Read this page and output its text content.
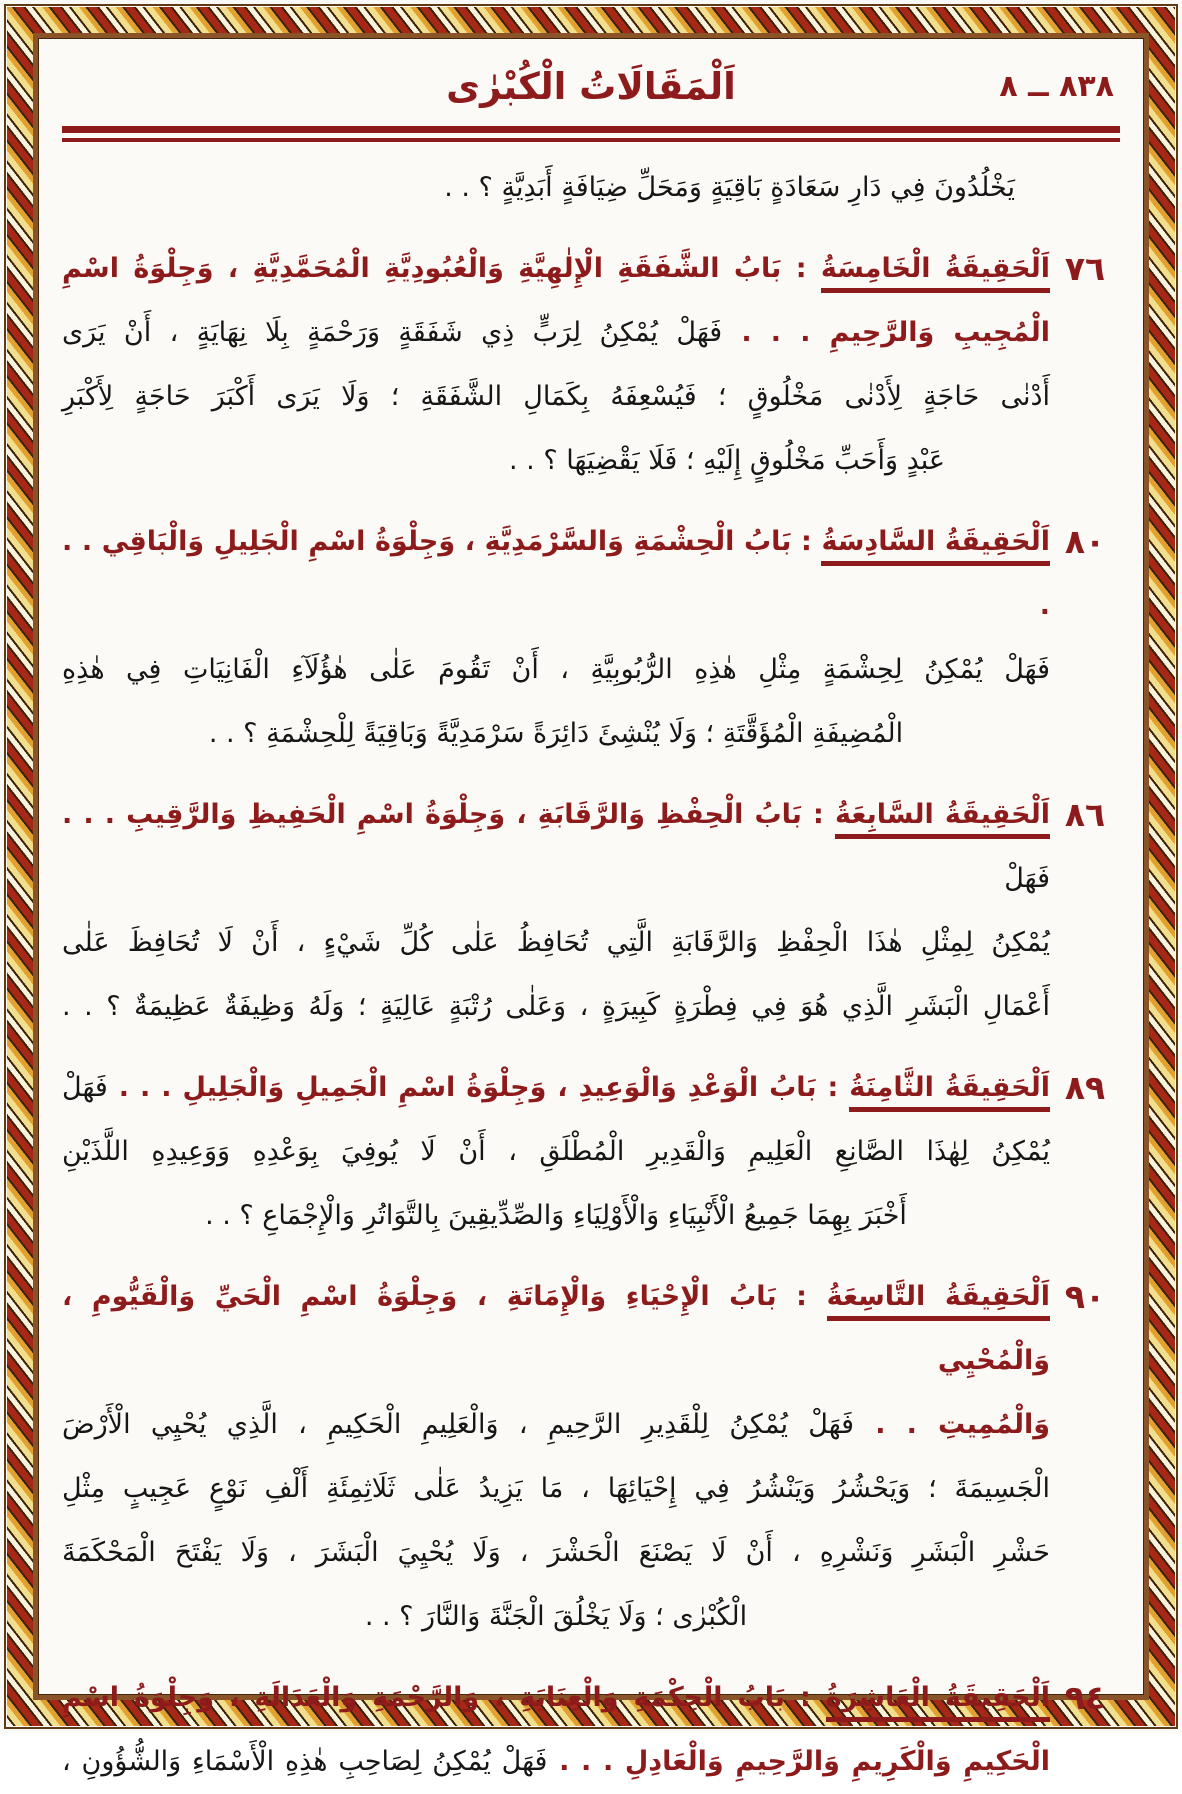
اَلْمَقَالَاتُ الْكُبْرٰى	٨٣٨ ــ ٨
يَخْلُدُونَ فِي دَارِ سَعَادَةٍ بَاقِيَةٍ وَمَحَلِّ ضِيَافَةٍ أَبَدِيَّةٍ ؟ . .
٧٦
اَلْحَقِيقَةُ الْخَامِسَةُ : بَابُ الشَّفَقَةِ الْإِلٰهِيَّةِ وَالْعُبُودِيَّةِ الْمُحَمَّدِيَّةِ ، وَجِلْوَةُ اسْمِ
الْمُجِيبِ وَالرَّحِيمِ . . . فَهَلْ يُمْكِنُ لِرَبٍّ ذِي شَفَقَةٍ وَرَحْمَةٍ بِلَا نِهَايَةٍ ، أَنْ يَرَى
أَدْنٰى حَاجَةٍ لِأَدْنٰى مَخْلُوقٍ ؛ فَيُسْعِفَهُ بِكَمَالِ الشَّفَقَةِ ؛ وَلَا يَرَى أَكْبَرَ حَاجَةٍ لِأَكْبَرِ
عَبْدٍ وَأَحَبِّ مَخْلُوقٍ إِلَيْهِ ؛ فَلَا يَقْضِيَهَا ؟ . .
٨٠
اَلْحَقِيقَةُ السَّادِسَةُ : بَابُ الْحِشْمَةِ وَالسَّرْمَدِيَّةِ ، وَجِلْوَةُ اسْمِ الْجَلِيلِ وَالْبَاقِي . . .
فَهَلْ يُمْكِنُ لِحِشْمَةٍ مِثْلِ هٰذِهِ الرُّبُوبِيَّةِ ، أَنْ تَقُومَ عَلٰى هٰؤُلَآءِ الْفَانِيَاتِ فِي هٰذِهِ
الْمُضِيفَةِ الْمُؤَقَّتَةِ ؛ وَلَا يُنْشِئَ دَائِرَةً سَرْمَدِيَّةً وَبَاقِيَةً لِلْحِشْمَةِ ؟ . .
٨٦
اَلْحَقِيقَةُ السَّابِعَةُ : بَابُ الْحِفْظِ وَالرَّقَابَةِ ، وَجِلْوَةُ اسْمِ الْحَفِيظِ وَالرَّقِيبِ . . . فَهَلْ
يُمْكِنُ لِمِثْلِ هٰذَا الْحِفْظِ وَالرَّقَابَةِ الَّتِي تُحَافِظُ عَلٰى كُلِّ شَيْءٍ ، أَنْ لَا تُحَافِظَ عَلٰى
أَعْمَالِ الْبَشَرِ الَّذِي هُوَ فِي فِطْرَةٍ كَبِيرَةٍ ، وَعَلٰى رُتْبَةٍ عَالِيَةٍ ؛ وَلَهُ وَظِيفَةٌ عَظِيمَةٌ ؟ . .
٨٩
اَلْحَقِيقَةُ الثَّامِنَةُ : بَابُ الْوَعْدِ وَالْوَعِيدِ ، وَجِلْوَةُ اسْمِ الْجَمِيلِ وَالْجَلِيلِ . . . فَهَلْ
يُمْكِنُ لِهٰذَا الصَّانِعِ الْعَلِيمِ وَالْقَدِيرِ الْمُطْلَقِ ، أَنْ لَا يُوفِيَ بِوَعْدِهِ وَوَعِيدِهِ اللَّذَيْنِ
أَخْبَرَ بِهِمَا جَمِيعُ الْأَنْبِيَاءِ وَالْأَوْلِيَاءِ وَالصِّدِّيقِينَ بِالتَّوَاتُرِ وَالْإِجْمَاعِ ؟ . .
٩٠
اَلْحَقِيقَةُ التَّاسِعَةُ : بَابُ الْإِحْيَاءِ وَالْإِمَاتَةِ ، وَجِلْوَةُ اسْمِ الْحَيِّ وَالْقَيُّومِ ، وَالْمُحْيِي
وَالْمُمِيتِ . . فَهَلْ يُمْكِنُ لِلْقَدِيرِ الرَّحِيمِ ، وَالْعَلِيمِ الْحَكِيمِ ، الَّذِي يُحْيِي الْأَرْضَ
الْجَسِيمَةَ ؛ وَيَحْشُرُ وَيَنْشُرُ فِي إِحْيَائِهَا ، مَا يَزِيدُ عَلٰى ثَلَاثِمِئَةِ أَلْفِ نَوْعٍ عَجِيبٍ مِثْلِ
حَشْرِ الْبَشَرِ وَنَشْرِهِ ، أَنْ لَا يَصْنَعَ الْحَشْرَ ، وَلَا يُحْيِيَ الْبَشَرَ ، وَلَا يَفْتَحَ الْمَحْكَمَةَ
الْكُبْرٰى ؛ وَلَا يَخْلُقَ الْجَنَّةَ وَالنَّارَ ؟ . .
٩٤
اَلْحَقِيقَةُ الْعَاشِرَةُ : بَابُ الْحِكْمَةِ وَالْعِنَايَةِ ، وَالرَّحْمَةِ وَالْعَدَالَةِ ، وَجِلْوَةُ اسْمِ
الْحَكِيمِ وَالْكَرِيمِ وَالرَّحِيمِ وَالْعَادِلِ . . . فَهَلْ يُمْكِنُ لِصَاحِبِ هٰذِهِ الْأَسْمَاءِ وَالشُّؤُونِ ،
